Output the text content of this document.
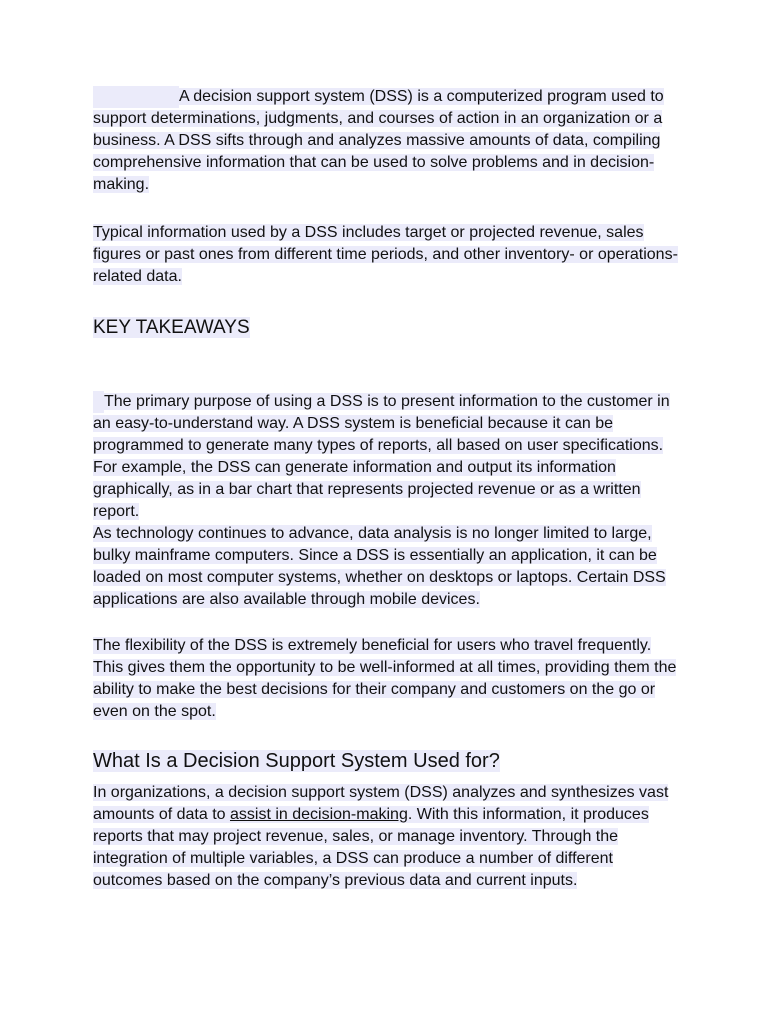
A decision support system (DSS) is a computerized program used to support determinations, judgments, and courses of action in an organization or a business. A DSS sifts through and analyzes massive amounts of data, compiling comprehensive information that can be used to solve problems and in decision-making.

Typical information used by a DSS includes target or projected revenue, sales figures or past ones from different time periods, and other inventory- or operations-related data.

KEY TAKEAWAYS

The primary purpose of using a DSS is to present information to the customer in an easy-to-understand way. A DSS system is beneficial because it can be programmed to generate many types of reports, all based on user specifications. For example, the DSS can generate information and output its information graphically, as in a bar chart that represents projected revenue or as a written report.

As technology continues to advance, data analysis is no longer limited to large, bulky mainframe computers. Since a DSS is essentially an application, it can be loaded on most computer systems, whether on desktops or laptops. Certain DSS applications are also available through mobile devices.

The flexibility of the DSS is extremely beneficial for users who travel frequently. This gives them the opportunity to be well-informed at all times, providing them the ability to make the best decisions for their company and customers on the go or even on the spot.

What Is a Decision Support System Used for?

In organizations, a decision support system (DSS) analyzes and synthesizes vast amounts of data to assist in decision-making. With this information, it produces reports that may project revenue, sales, or manage inventory. Through the integration of multiple variables, a DSS can produce a number of different outcomes based on the company’s previous data and current inputs.
